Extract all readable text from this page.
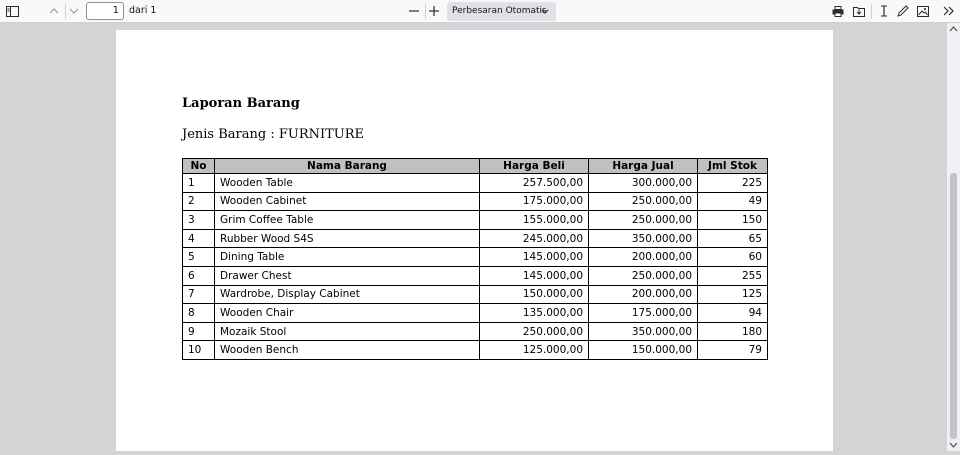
1	dari 1	Perbesaran Otomatis
Laporan Barang
Jenis Barang : FURNITURE
No	Nama Barang	Harga Beli	Harga Jual	Jml Stok
1	Wooden Table	257.500,00	300.000,00	225
2	Wooden Cabinet	175.000,00	250.000,00	49
3	Grim Coffee Table	155.000,00	250.000,00	150
4	Rubber Wood S4S	245.000,00	350.000,00	65
5	Dining Table	145.000,00	200.000,00	60
6	Drawer Chest	145.000,00	250.000,00	255
7	Wardrobe, Display Cabinet	150.000,00	200.000,00	125
8	Wooden Chair	135.000,00	175.000,00	94
9	Mozaik Stool	250.000,00	350.000,00	180
10	Wooden Bench	125.000,00	150.000,00	79
